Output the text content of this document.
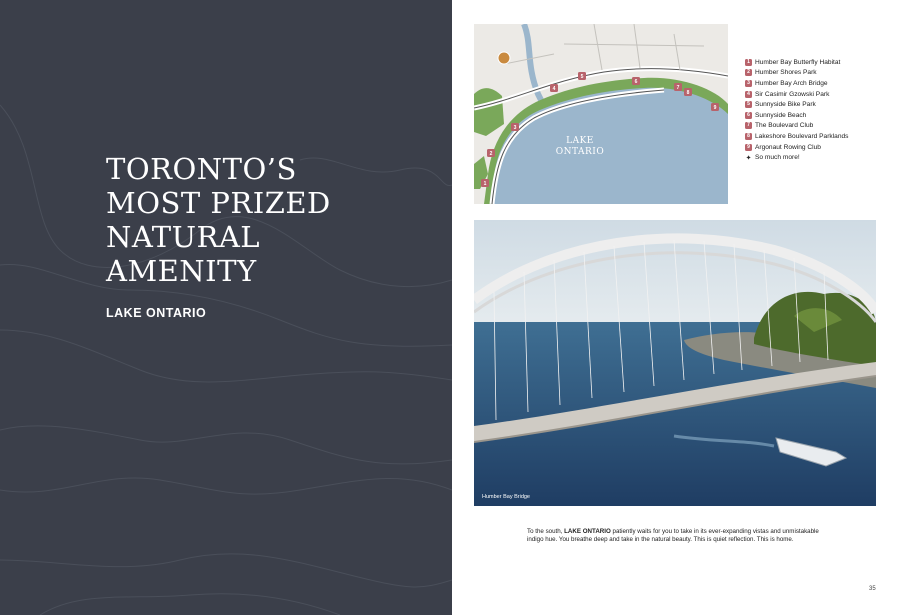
TORONTO’S
MOST PRIZED
NATURAL
AMENITY
LAKE ONTARIO
1
2
3
4
5
6
7
8
9
LAKE
ONTARIO
1 Humber Bay Butterfly Habitat
2 Humber Shores Park
3 Humber Bay Arch Bridge
4 Sir Casimir Gzowski Park
5 Sunnyside Bike Park
6 Sunnyside Beach
7 The Boulevard Club
8 Lakeshore Boulevard Parklands
9 Argonaut Rowing Club
✦ So much more!
Humber Bay Bridge

To the south, LAKE ONTARIO patiently waits for you to take in its ever-expanding vistas and unmistakable indigo hue. You breathe deep and take in the natural beauty. This is quiet reflection. This is home.

35
